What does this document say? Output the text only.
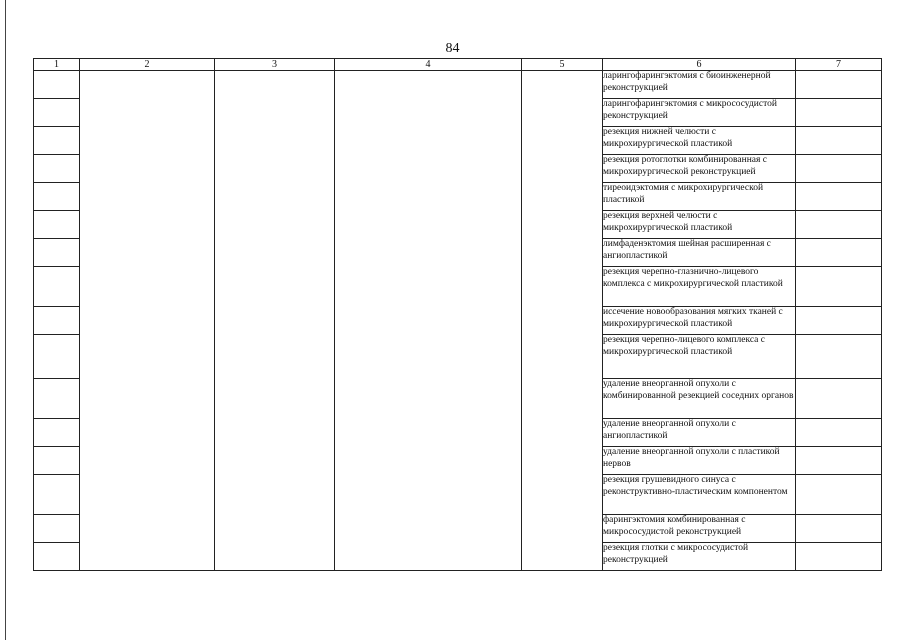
84
1	2	3	4	5	6	7
					ларингофарингэктомия с биоинженерной реконструкцией	
					ларингофарингэктомия с микрососудистой реконструкцией	
					резекция нижней челюсти с микрохирургической пластикой	
					резекция ротоглотки комбинированная с микрохирургической реконструкцией	
					тиреоидэктомия с микрохирургической пластикой	
					резекция верхней челюсти с микрохирургической пластикой	
					лимфаденэктомия шейная расширенная с ангиопластикой	
					резекция черепно-глазнично-лицевого комплекса с микрохирургической пластикой	
					иссечение новообразования мягких тканей с микрохирургической пластикой	
					резекция черепно-лицевого комплекса с микрохирургической пластикой	
					удаление внеорганной опухоли с комбинированной резекцией соседних органов	
					удаление внеорганной опухоли с ангиопластикой	
					удаление внеорганной опухоли с пластикой нервов	
					резекция грушевидного синуса с реконструктивно-пластическим компонентом	
					фарингэктомия комбинированная с микрососудистой реконструкцией	
					резекция глотки с микрососудистой реконструкцией	
